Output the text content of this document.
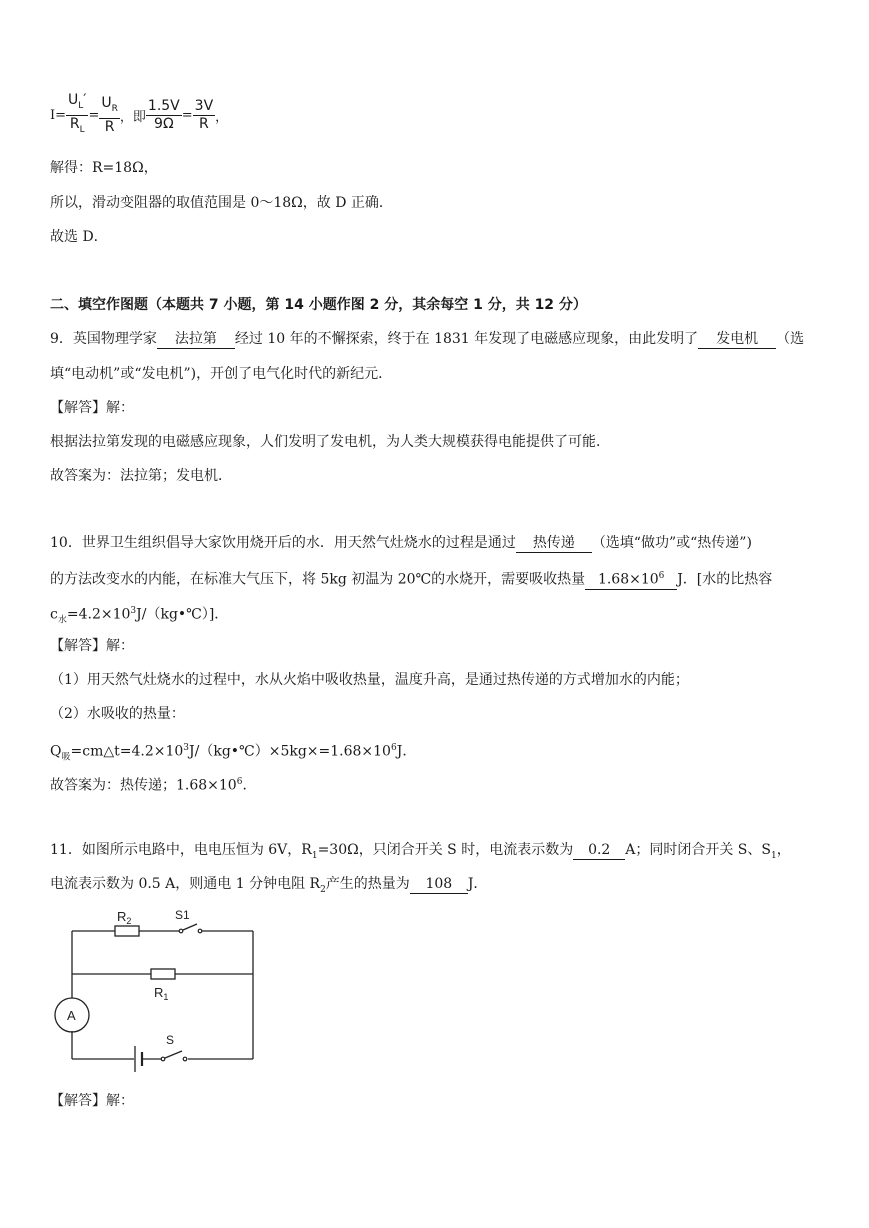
$I= \frac{U_L'}{R_L} = \frac{U_R}{R}$ ，即 $\frac{1.5V}{9\Omega} = \frac{3V}{R}$ ，
解得：R=18Ω，
所以，滑动变阻器的取值范围是 0～18Ω，故 D 正确．
故选 D．
二、填空作图题（本题共 7 小题，第 14 小题作图 2 分，其余每空 1 分，共 12 分）
9．英国物理学家 法拉第 经过 10 年的不懈探索，终于在 1831 年发现了电磁感应现象，由此发明了 发电机 （选
填“电动机”或“发电机”)，开创了电气化时代的新纪元．
【解答】解：
根据法拉第发现的电磁感应现象，人们发明了发电机，为人类大规模获得电能提供了可能．
故答案为：法拉第；发电机．
10．世界卫生组织倡导大家饮用烧开后的水．用天然气灶烧水的过程是通过 热传递 （选填“做功”或“热传递”)
的方法改变水的内能，在标准大气压下，将 5kg 初温为 20℃的水烧开，需要吸收热量 $1.68\times 10^6$ J．[水的比热容
$c_水=4.2\times 10^3J/(kg•℃)$]．
【解答】解：
（1）用天然气灶烧水的过程中，水从火焰中吸收热量，温度升高，是通过热传递的方式增加水的内能；
（2）水吸收的热量：
$Q_吸=cm\triangle t=4.2\times 10^3J/(kg•℃)\times 5kg\times=1.68\times 10^6J$．
故答案为：热传递；$1.68\times 10^6$．
11．如图所示电路中，电电压恒为 6V，$R_1=30\Omega$，只闭合开关 S 时，电流表示数为 0.2 A；同时闭合开关 S、$S_1$，
电流表示数为 0.5 A，则通电 1 分钟电阻 $R_2$产生的热量为 108 J．
$R_2$	S1
$R_1$
A
S
【解答】解：
